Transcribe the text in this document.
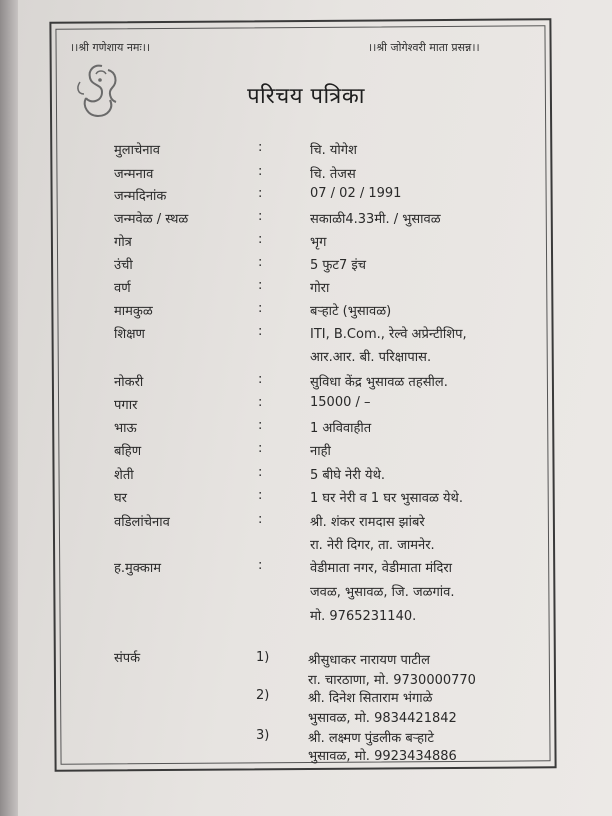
।।श्री गणेशाय नमः।।	।।श्री जोगेश्वरी माता प्रसन्न।।
परिचय पत्रिका
मुलाचेनाव	:	चि. योगेश
जन्मनाव	:	चि. तेजस
जन्मदिनांक	:	07 / 02 / 1991
जन्मवेळ / स्थळ	:	सकाळी4.33मी. / भुसावळ
गोत्र	:	भृग
उंची	:	5 फुट7 इंच
वर्ण	:	गोरा
मामकुळ	:	बऱ्हाटे (भुसावळ)
शिक्षण	:	ITI, B.Com., रेल्वे अप्रेन्टीशिप,
आर.आर. बी. परिक्षापास.
नोकरी	:	सुविधा केंद्र भुसावळ तहसील.
पगार	:	15000 / –
भाऊ	:	1 अविवाहीत
बहिण	:	नाही
शेती	:	5 बीघे नेरी येथे.
घर	:	1 घर नेरी व 1 घर भुसावळ येथे.
वडिलांचेनाव	:	श्री. शंकर रामदास झांबरे
रा. नेरी दिगर, ता. जामनेर.
ह.मुक्काम	:	वेडीमाता नगर, वेडीमाता मंदिरा
जवळ, भुसावळ, जि. जळगांव.
मो. 9765231140.
संपर्क	1)	श्रीसुधाकर नारायण पाटील
रा. चारठाणा, मो. 9730000770
2)	श्री. दिनेश सिताराम भंगाळे
भुसावळ, मो. 9834421842
3)	श्री. लक्ष्मण पुंडलीक बऱ्हाटे
भुसावळ, मो. 9923434886
